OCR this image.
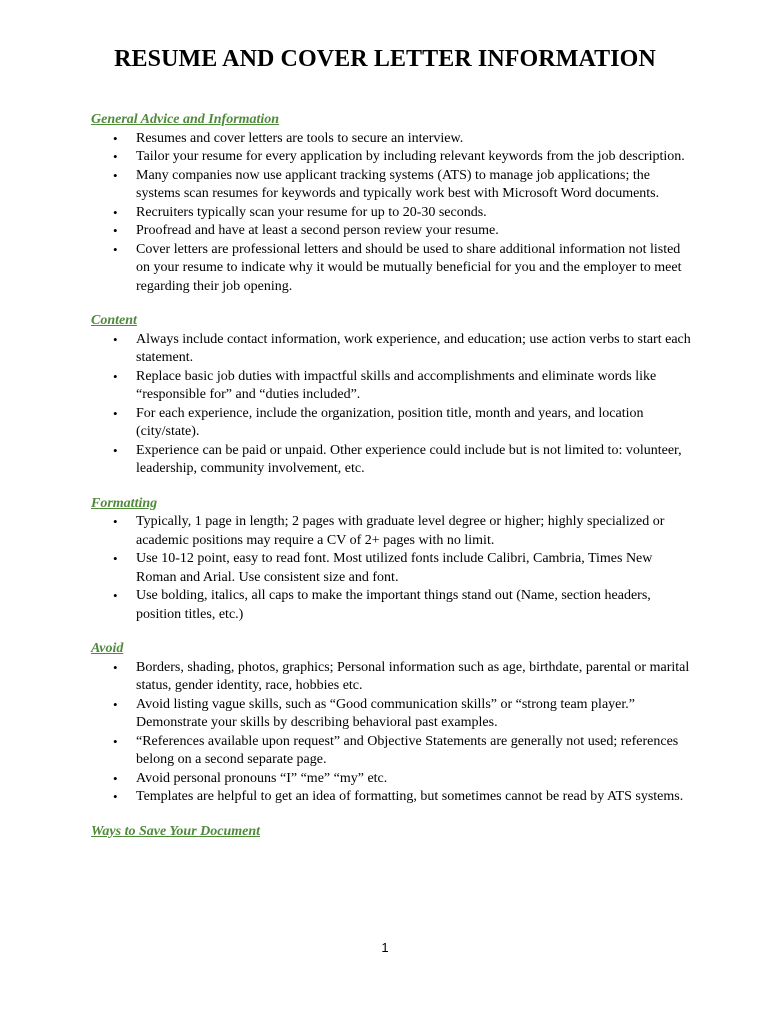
RESUME AND COVER LETTER INFORMATION
General Advice and Information
• Resumes and cover letters are tools to secure an interview.
• Tailor your resume for every application by including relevant keywords from the job description.
• Many companies now use applicant tracking systems (ATS) to manage job applications; the systems scan resumes for keywords and typically work best with Microsoft Word documents.
• Recruiters typically scan your resume for up to 20-30 seconds.
• Proofread and have at least a second person review your resume.
• Cover letters are professional letters and should be used to share additional information not listed on your resume to indicate why it would be mutually beneficial for you and the employer to meet regarding their job opening.
Content
• Always include contact information, work experience, and education; use action verbs to start each statement.
• Replace basic job duties with impactful skills and accomplishments and eliminate words like “responsible for” and “duties included”.
• For each experience, include the organization, position title, month and years, and location (city/state).
• Experience can be paid or unpaid. Other experience could include but is not limited to: volunteer, leadership, community involvement, etc.
Formatting
• Typically, 1 page in length; 2 pages with graduate level degree or higher; highly specialized or academic positions may require a CV of 2+ pages with no limit.
• Use 10-12 point, easy to read font. Most utilized fonts include Calibri, Cambria, Times New Roman and Arial. Use consistent size and font.
• Use bolding, italics, all caps to make the important things stand out (Name, section headers, position titles, etc.)
Avoid
• Borders, shading, photos, graphics; Personal information such as age, birthdate, parental or marital status, gender identity, race, hobbies etc.
• Avoid listing vague skills, such as “Good communication skills” or “strong team player.” Demonstrate your skills by describing behavioral past examples.
• “References available upon request” and Objective Statements are generally not used; references belong on a second separate page.
• Avoid personal pronouns “I” “me” “my” etc.
• Templates are helpful to get an idea of formatting, but sometimes cannot be read by ATS systems.
Ways to Save Your Document
1
